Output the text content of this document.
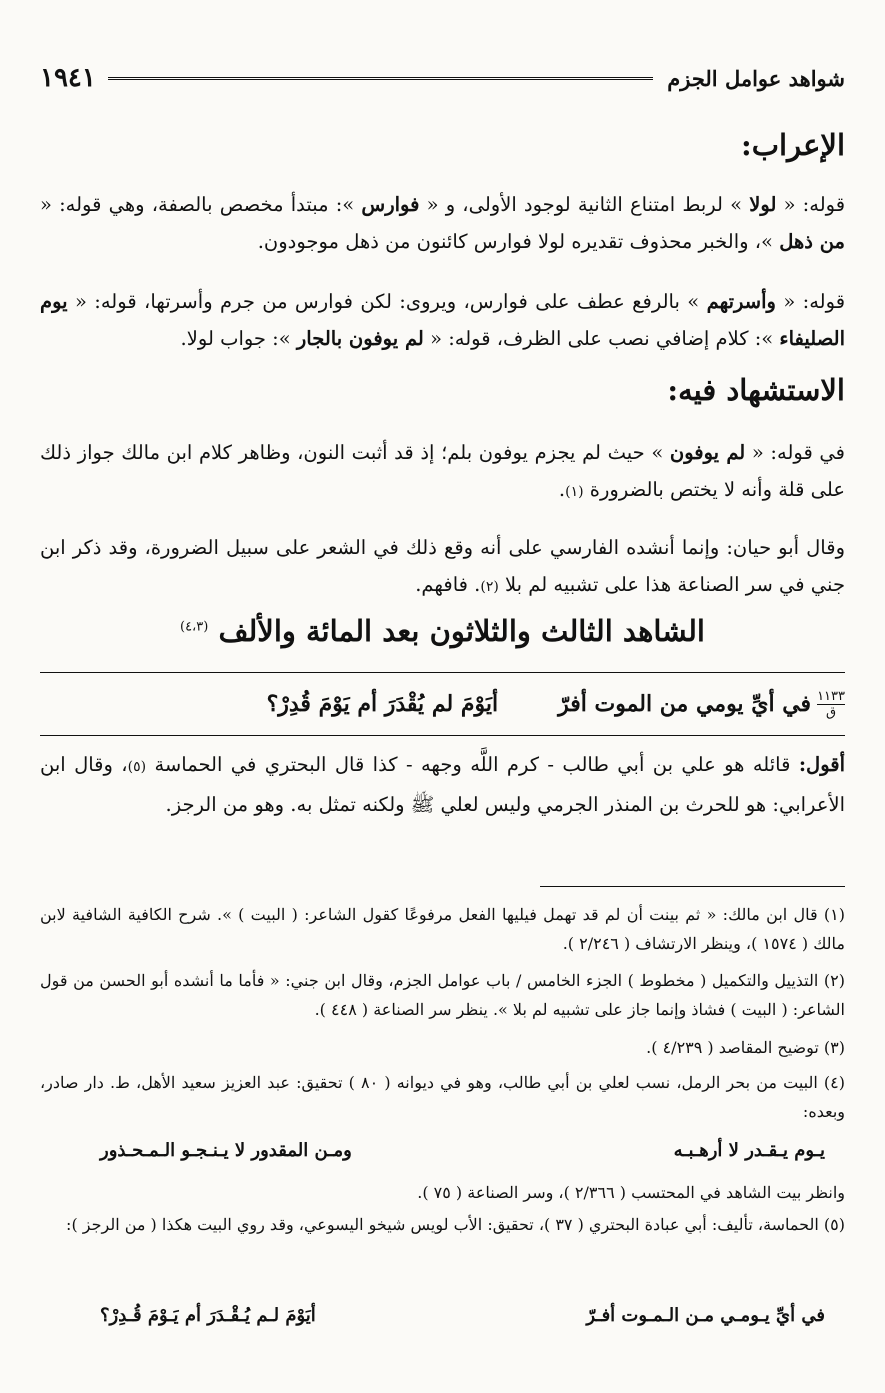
شواهد عوامل الجزم
١٩٤١
الإعراب:
قوله: « لولا » لربط امتناع الثانية لوجود الأولى، و « فوارس »: مبتدأ مخصص بالصفة، وهي قوله: « من ذهل »، والخبر محذوف تقديره لولا فوارس كائنون من ذهل موجودون.
قوله: « وأسرتهم » بالرفع عطف على فوارس، ويروى: لكن فوارس من جرم وأسرتها، قوله: « يوم الصليفاء »: كلام إضافي نصب على الظرف، قوله: « لم يوفون بالجار »: جواب لولا.
الاستشهاد فيه:
في قوله: « لم يوفون » حيث لم يجزم يوفون بلم؛ إذ قد أثبت النون، وظاهر كلام ابن مالك جواز ذلك على قلة وأنه لا يختص بالضرورة (١).
وقال أبو حيان: وإنما أنشده الفارسي على أنه وقع ذلك في الشعر على سبيل الضرورة، وقد ذكر ابن جني في سر الصناعة هذا على تشبيه لم بلا (٢). فافهم.
الشاهد الثالث والثلاثون بعد المائة والألف $^{(٤،٣)}$
١١٣٣
ق
في أيِّ يومي من الموت أفرّ
أيَوْمَ لم يُقْدَرَ أم يَوْمَ قُدِرْ؟
أقول: قائله هو علي بن أبي طالب - كرم اللَّه وجهه - كذا قال البحتري في الحماسة (٥)، وقال ابن الأعرابي: هو للحرث بن المنذر الجرمي وليس لعلي ﷺ ولكنه تمثل به. وهو من الرجز.
(١) قال ابن مالك: « ثم بينت أن لم قد تهمل فيليها الفعل مرفوعًا كقول الشاعر: ( البيت ) ». شرح الكافية الشافية لابن مالك ( ١٥٧٤ )، وينظر الارتشاف ( ٢/٢٤٦ ).
(٢) التذييل والتكميل ( مخطوط ) الجزء الخامس / باب عوامل الجزم، وقال ابن جني: « فأما ما أنشده أبو الحسن من قول الشاعر: ( البيت ) فشاذ وإنما جاز على تشبيه لم بلا ». ينظر سر الصناعة ( ٤٤٨ ).
(٣) توضيح المقاصد ( ٤/٢٣٩ ).
(٤) البيت من بحر الرمل، نسب لعلي بن أبي طالب، وهو في ديوانه ( ٨٠ ) تحقيق: عبد العزيز سعيد الأهل، ط. دار صادر، وبعده:
يـوم يـقـدر لا أرهـبـه
ومـن المقدور لا يـنـجـو الـمـحـذور
وانظر بيت الشاهد في المحتسب ( ٢/٣٦٦ )، وسر الصناعة ( ٧٥ ).
(٥) الحماسة، تأليف: أبي عبادة البحتري ( ٣٧ )، تحقيق: الأب لويس شيخو اليسوعي، وقد روي البيت هكذا ( من الرجز ):
في أيِّ يـومـي مـن الـمـوت أفـرّ
أيَوْمَ لـم يُـقْـدَرَ أم يَـوْمَ قُـدِرْ؟
